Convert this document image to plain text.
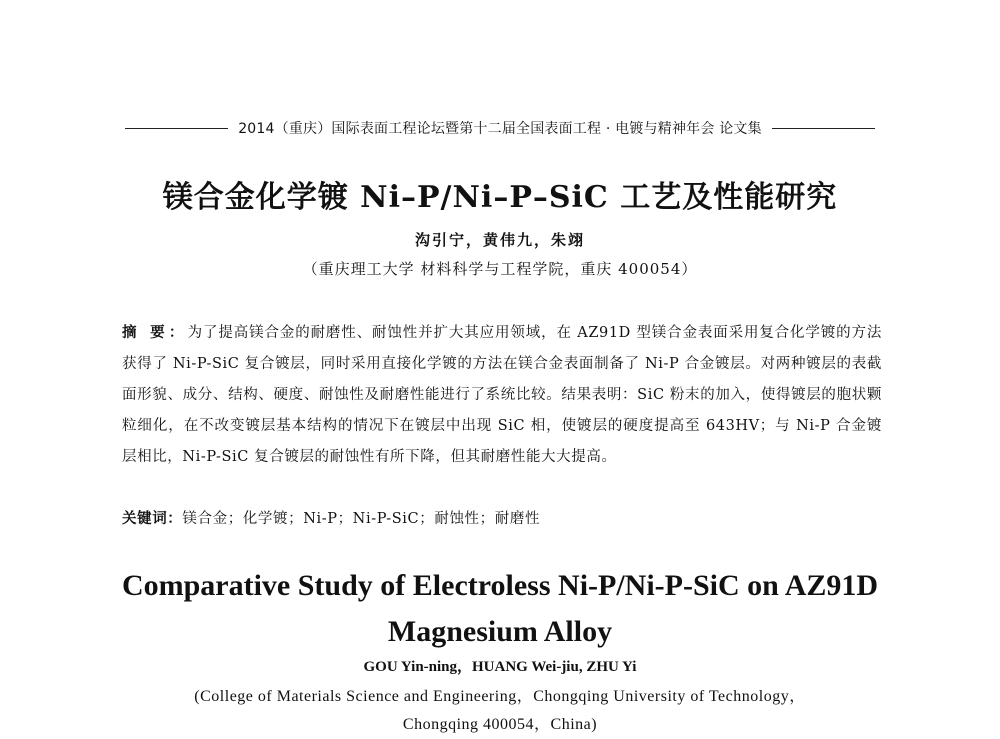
2014（重庆）国际表面工程论坛暨第十二届全国表面工程 · 电镀与精神年会 论文集
镁合金化学镀 Ni–P/Ni–P–SiC 工艺及性能研究
沟引宁，黄伟九，朱翊
（重庆理工大学 材料科学与工程学院，重庆 400054）
摘 要：为了提高镁合金的耐磨性、耐蚀性并扩大其应用领域，在 AZ91D 型镁合金表面采用复合化学镀的方法获得了 Ni-P-SiC 复合镀层，同时采用直接化学镀的方法在镁合金表面制备了 Ni-P 合金镀层。对两种镀层的表截面形貌、成分、结构、硬度、耐蚀性及耐磨性能进行了系统比较。结果表明：SiC 粉末的加入，使得镀层的胞状颗粒细化，在不改变镀层基本结构的情况下在镀层中出现 SiC 相，使镀层的硬度提高至 643HV；与 Ni-P 合金镀层相比，Ni-P-SiC 复合镀层的耐蚀性有所下降，但其耐磨性能大大提高。
关键词：镁合金；化学镀；Ni-P；Ni-P-SiC；耐蚀性；耐磨性
Comparative Study of Electroless Ni-P/Ni-P-SiC on AZ91D
Magnesium Alloy
GOU Yin-ning，HUANG Wei-jiu, ZHU Yi
(College of Materials Science and Engineering，Chongqing University of Technology，
Chongqing 400054，China)
